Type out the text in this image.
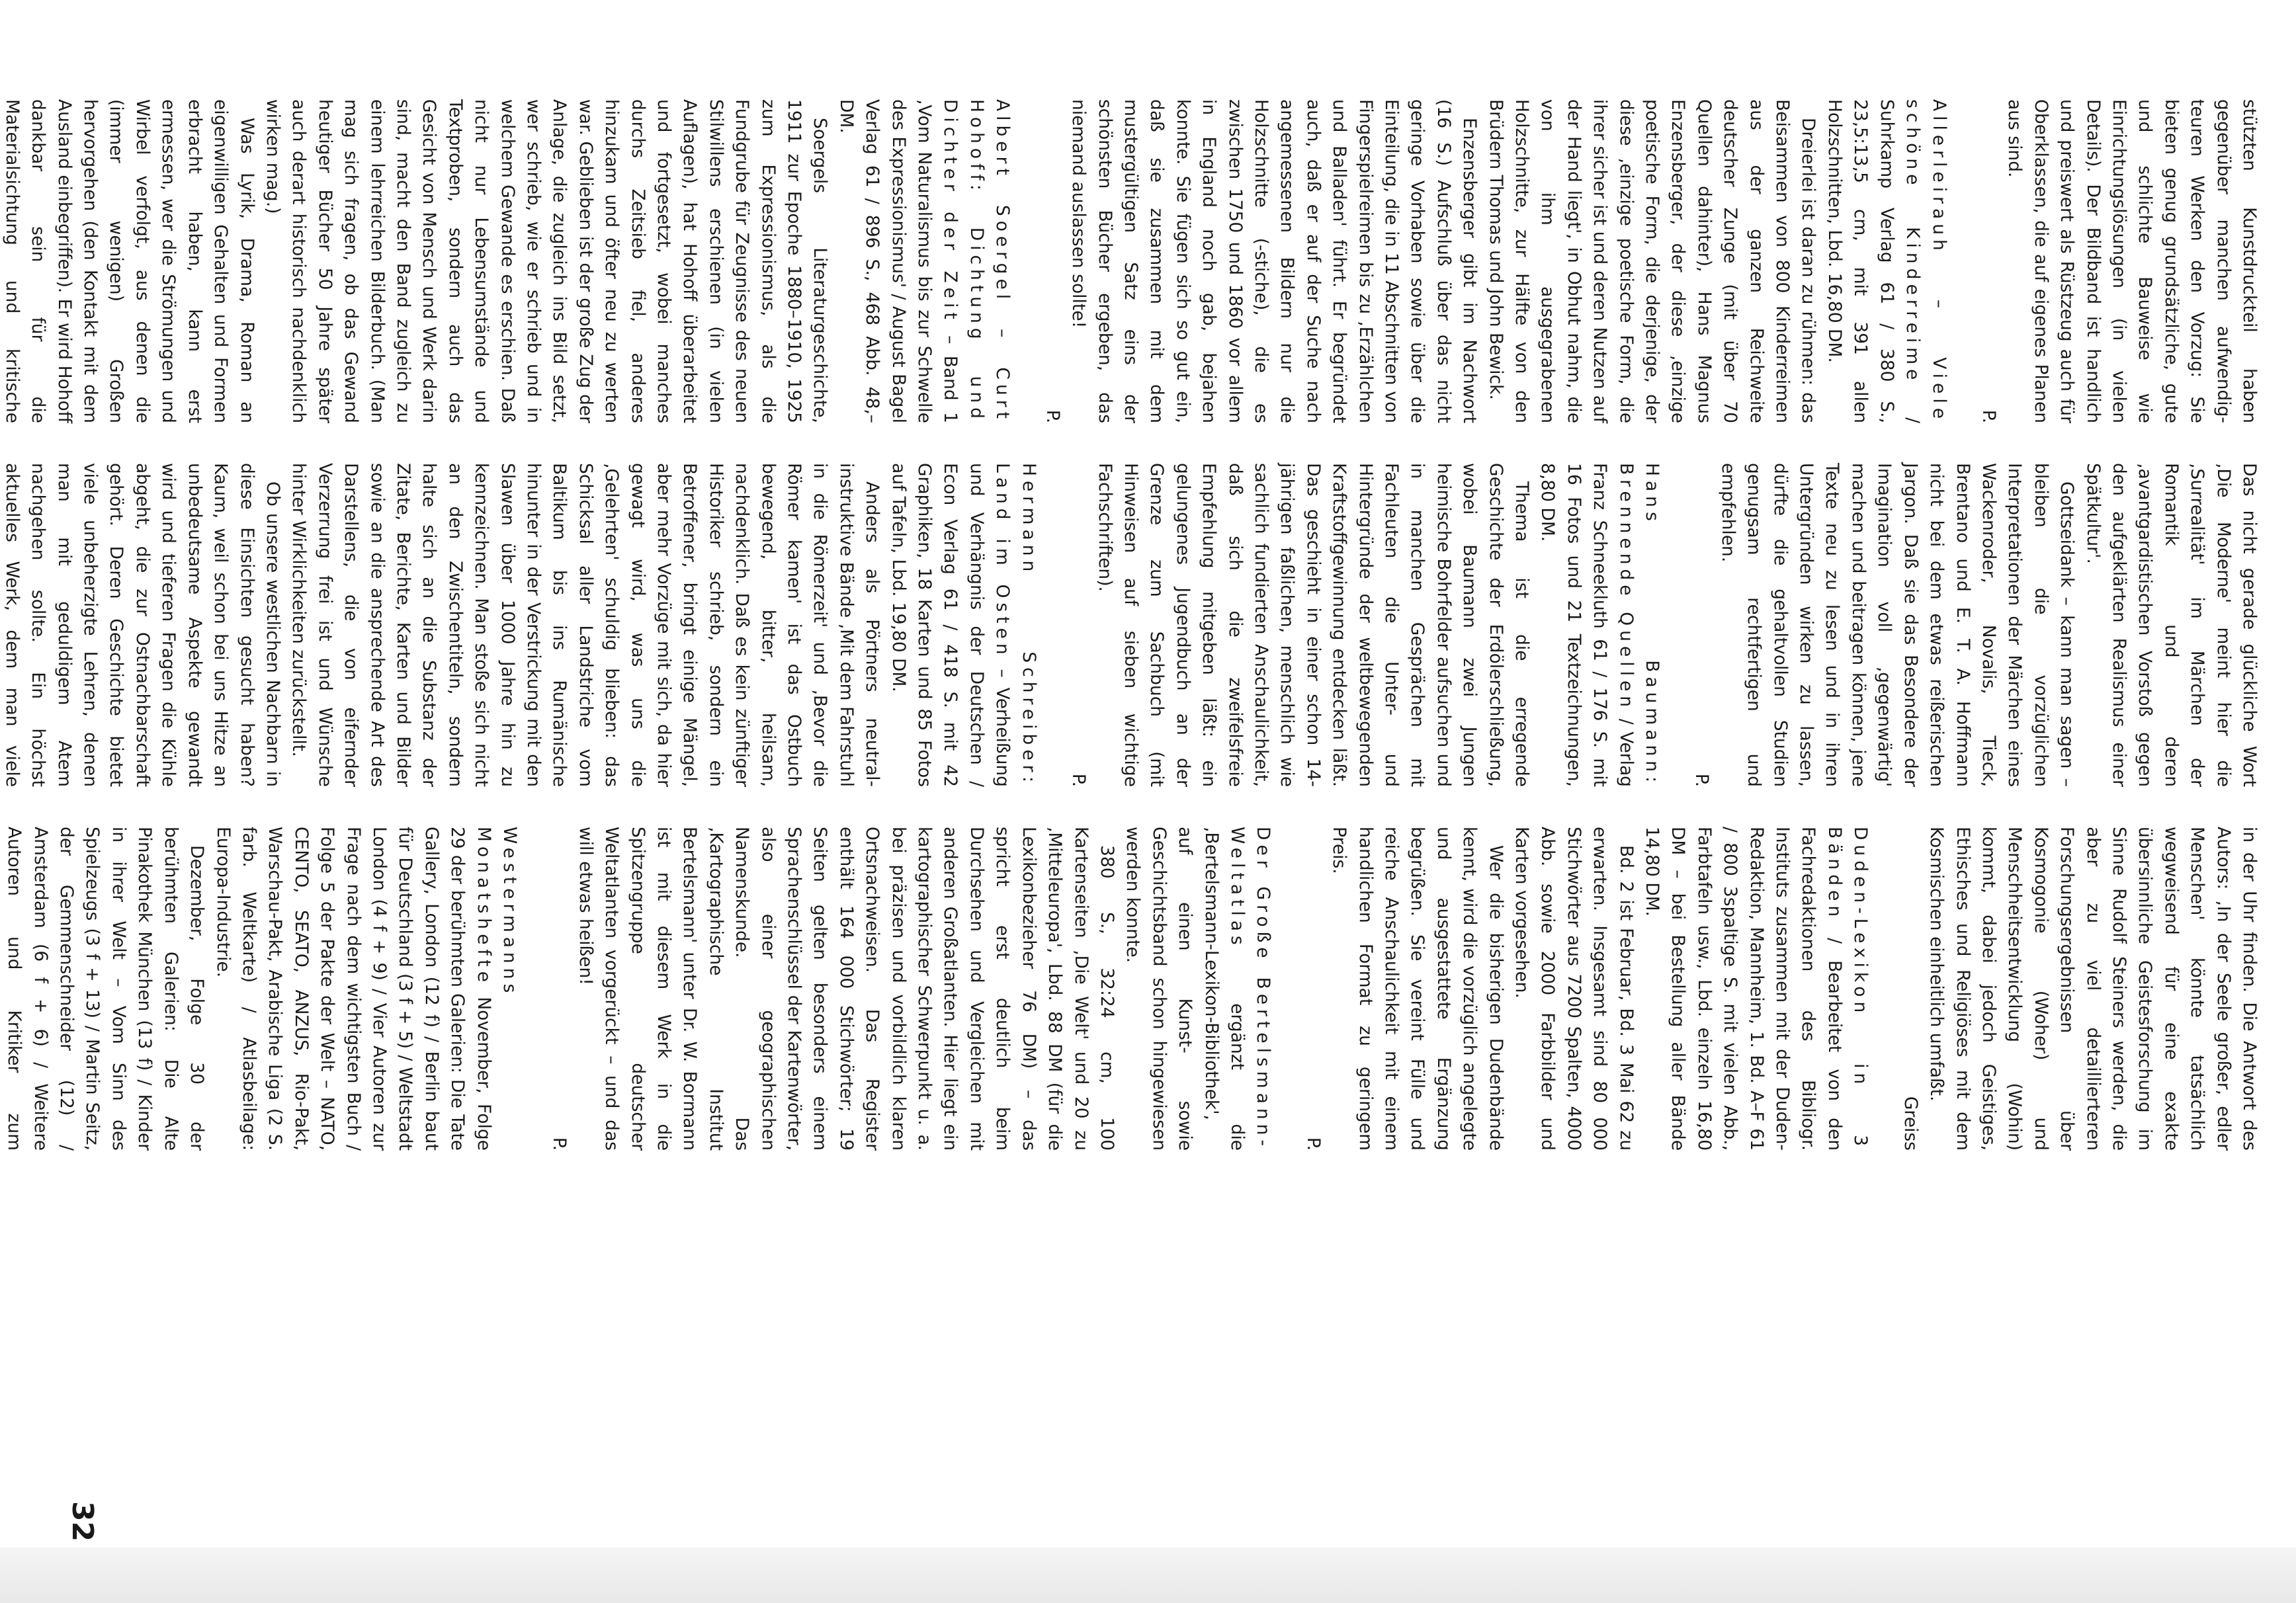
stützten Kunstdruckteil haben gegenüber manchen aufwendig-teuren Werken den Vorzug: Sie bieten genug grundsätzliche, gute und schlichte Bauweise wie Einrichtungslösungen (in vielen Details). Der Bildband ist handlich und preiswert als Rüstzeug auch für Oberklassen, die auf eigenes Planen aus sind.

P.

Allerleirauh – Viele schöne Kinderreime / Suhrkamp Verlag 61 / 380 S., 23,5:13,5 cm, mit 391 allen Holzschnitten, Lbd. 16,80 DM.

Dreierlei ist daran zu rühmen: das Beisammen von 800 Kinderreimen aus der ganzen Reichweite deutscher Zunge (mit über 70 Quellen dahinter), Hans Magnus Enzensberger, der diese ‚einzige poetische Form, die derjenige, der diese ‚einzige poetische Form, die ihrer sicher ist und deren Nutzen auf der Hand liegt', in Obhut nahm, die von ihm ausgegrabenen Holzschnitte, zur Hälfte von den Brüdern Thomas und John Bewick.

Enzensberger gibt im Nachwort (16 S.) Aufschluß über das nicht geringe Vorhaben sowie über die Einteilung, die in 11 Abschnitten von Fingerspielreimen bis zu ‚Erzählchen und Balladen' führt. Er begründet auch, daß er auf der Suche nach angemessenen Bildern nur die Holzschnitte (-stiche), die es zwischen 1750 und 1860 vor allem in England noch gab, bejahen konnte. Sie fügen sich so gut ein, daß sie zusammen mit dem mustergültigen Satz eins der schönsten Bücher ergeben, das niemand auslassen sollte!

P.

Albert Soergel – Curt Hohoff: Dichtung und Dichter der Zeit – Band 1 ‚Vom Naturalismus bis zur Schwelle des Expressionismus' / August Bagel Verlag 61 / 896 S., 468 Abb. 48,– DM.

Soergels Literaturgeschichte, 1911 zur Epoche 1880–1910, 1925 zum Expressionismus, als die Fundgrube für Zeugnisse des neuen Stilwillens erschienen (in vielen Auflagen), hat Hohoff überarbeitet und fortgesetzt, wobei manches durchs Zeitsieb fiel, anderes hinzukam und öfter neu zu werten war. Geblieben ist der große Zug der Anlage, die zugleich ins Bild setzt, wer schrieb, wie er schrieb und in welchem Gewande es erschien. Daß nicht nur Lebensumstände und Textproben, sondern auch das Gesicht von Mensch und Werk darin sind, macht den Band zugleich zu einem lehrreichen Bilderbuch. (Man mag sich fragen, ob das Gewand heutiger Bücher 50 Jahre später auch derart historisch nachdenklich wirken mag.)

Was Lyrik, Drama, Roman an eigenwilligen Gehalten und Formen erbracht haben, kann erst ermessen, wer die Strömungen und Wirbel verfolgt, aus denen die (immer wenigen) Großen hervorgehen (den Kontakt mit dem Ausland einbegriffen). Er wird Hohoff dankbar sein für die Materialsichtung und kritische

Das nicht gerade glückliche Wort ‚Die Moderne' meint hier die ‚Surrealität' im Märchen der Romantik und deren ‚avantgardistischen Vorstoß gegen den aufgeklärten Realismus einer Spätkultur'.

Gottseidank – kann man sagen – bleiben die vorzüglichen Interpretationen der Märchen eines Wackenroder, Novalis, Tieck, Brentano und E. T. A. Hoffmann nicht bei dem etwas reißerischen Jargon. Daß sie das Besondere der Imagination voll ‚gegenwärtig' machen und beitragen können, jene Texte neu zu lesen und in ihren Untergründen wirken zu lassen, dürfte die gehaltvollen Studien genugsam rechtfertigen und empfehlen.

P.

Hans Baumann: Brennende Quellen / Verlag Franz Schneekluth 61 / 176 S. mit 16 Fotos und 21 Textzeichnungen, 8,80 DM.

Thema ist die erregende Geschichte der Erdölerschließung, wobei Baumann zwei Jungen heimische Bohrfelder aufsuchen und in manchen Gesprächen mit Fachleuten die Unter- und Hintergründe der weltbewegenden Kraftstoffgewinnung entdecken läßt. Das geschieht in einer schon 14-jährigen faßlichen, menschlich wie sachlich fundierten Anschaulichkeit, daß sich die zweifelsfreie Empfehlung mitgeben läßt: ein gelungenes Jugendbuch an der Grenze zum Sachbuch (mit Hinweisen auf sieben wichtige Fachschriften).

P.

Hermann Schreiber: Land im Osten – Verheißung und Verhängnis der Deutschen / Econ Verlag 61 / 418 S. mit 42 Graphiken, 18 Karten und 85 Fotos auf Tafeln, Lbd. 19,80 DM.

Anders als Pörtners neutral-instruktive Bände ‚Mit dem Fahrstuhl in die Römerzeit' und ‚Bevor die Römer kamen' ist das Ostbuch bewegend, bitter, heilsam, nachdenklich. Daß es kein zünftiger Historiker schrieb, sondern ein Betroffener, bringt einige Mängel, aber mehr Vorzüge mit sich, da hier gewagt wird, was uns die ‚Gelehrten' schuldig blieben: das Schicksal aller Landstriche vom Baltikum bis ins Rumänische hinunter in der Verstrickung mit den Slawen über 1000 Jahre hin zu kennzeichnen. Man stoße sich nicht an den Zwischentiteln, sondern halte sich an die Substanz der Zitate, Berichte, Karten und Bilder sowie an die ansprechende Art des Darstellens, die von eifernder Verzerrung frei ist und Wünsche hinter Wirklichkeiten zurückstellt.

Ob unsere westlichen Nachbarn in diese Einsichten gesucht haben? Kaum, weil schon bei uns Hitze an unbedeutsame Aspekte gewandt wird und tieferen Fragen die Kühle abgeht, die zur Ostnachbarschaft gehört. Deren Geschichte bietet viele unbeherzigte Lehren, denen man mit geduldigem Atem nachgehen sollte. Ein höchst aktuelles Werk, dem man viele

in der Uhr finden. Die Antwort des Autors: ‚In der Seele großer, edler Menschen' könnte tatsächlich wegweisend für eine exakte übersinnliche Geistesforschung im Sinne Rudolf Steiners werden, die aber zu viel detaillierteren Forschungsergebnissen über Kosmogonie (Woher) und Menschheitsentwicklung (Wohin) kommt, dabei jedoch Geistiges, Ethisches und Religiöses mit dem Kosmischen einheitlich umfaßt.

Greiss

Duden-Lexikon in 3 Bänden / Bearbeitet von den Fachredaktionen des Bibliogr. Instituts zusammen mit der Duden-Redaktion, Mannheim, 1. Bd. A–F 61 / 800 3spaltige S. mit vielen Abb., Farbtafeln usw., Lbd. einzeln 16,80 DM – bei Bestellung aller Bände 14,80 DM.

Bd. 2 ist Februar, Bd. 3 Mai 62 zu erwarten. Insgesamt sind 80 000 Stichwörter aus 7200 Spalten, 4000 Abb. sowie 2000 Farbbilder und Karten vorgesehen.

Wer die bisherigen Dudenbände kennt, wird die vorzüglich angelegte und ausgestattete Ergänzung begrüßen. Sie vereint Fülle und reiche Anschaulichkeit mit einem handlichen Format zu geringem Preis.

P.

Der Große Bertelsmann-Weltatlas ergänzt die ‚Bertelsmann-Lexikon-Bibliothek', auf einen Kunst- sowie Geschichtsband schon hingewiesen werden konnte.

380 S., 32:24 cm, 100 Kartenseiten ‚Die Welt' und 20 zu ‚Mitteleuropa', Lbd. 88 DM (für die Lexikonbezieher 76 DM) – das spricht erst deutlich beim Durchsehen und Vergleichen mit anderen Großatlanten. Hier liegt ein kartographischer Schwerpunkt u. a. bei präzisen und vorbildlich klaren Ortsnachweisen. Das Register enthält 164 000 Stichwörter; 19 Seiten gelten besonders einem Sprachenschlüssel der Kartenwörter, also einer geographischen Namenskunde. Das ‚Kartographische Institut Bertelsmann' unter Dr. W. Bormann ist mit diesem Werk in die Spitzengruppe deutscher Weltatlanten vorgerückt – und das will etwas heißen!

P.

Westermanns Monatshefte November, Folge 29 der berühmten Galerien: Die Tate Gallery, London (12 f) / Berlin baut für Deutschland (3 f + 5) / Weltstadt London (4 f + 9) / Vier Autoren zur Frage nach dem wichtigsten Buch / Folge 5 der Pakte der Welt – NATO, CENTO, SEATO, ANZUS, Rio-Pakt, Warschau-Pakt, Arabische Liga (2 S. farb. Weltkarte) / Atlasbeilage: Europa-Industrie.

Dezember, Folge 30 der berühmten Galerien: Die Alte Pinakothek München (13 f) / Kinder in ihrer Welt – Vom Sinn des Spielzeugs (3 f + 13) / Martin Seitz, der Gemmenschneider (12) / Amsterdam (6 f + 6) / Weitere Autoren und Kritiker zum

32
